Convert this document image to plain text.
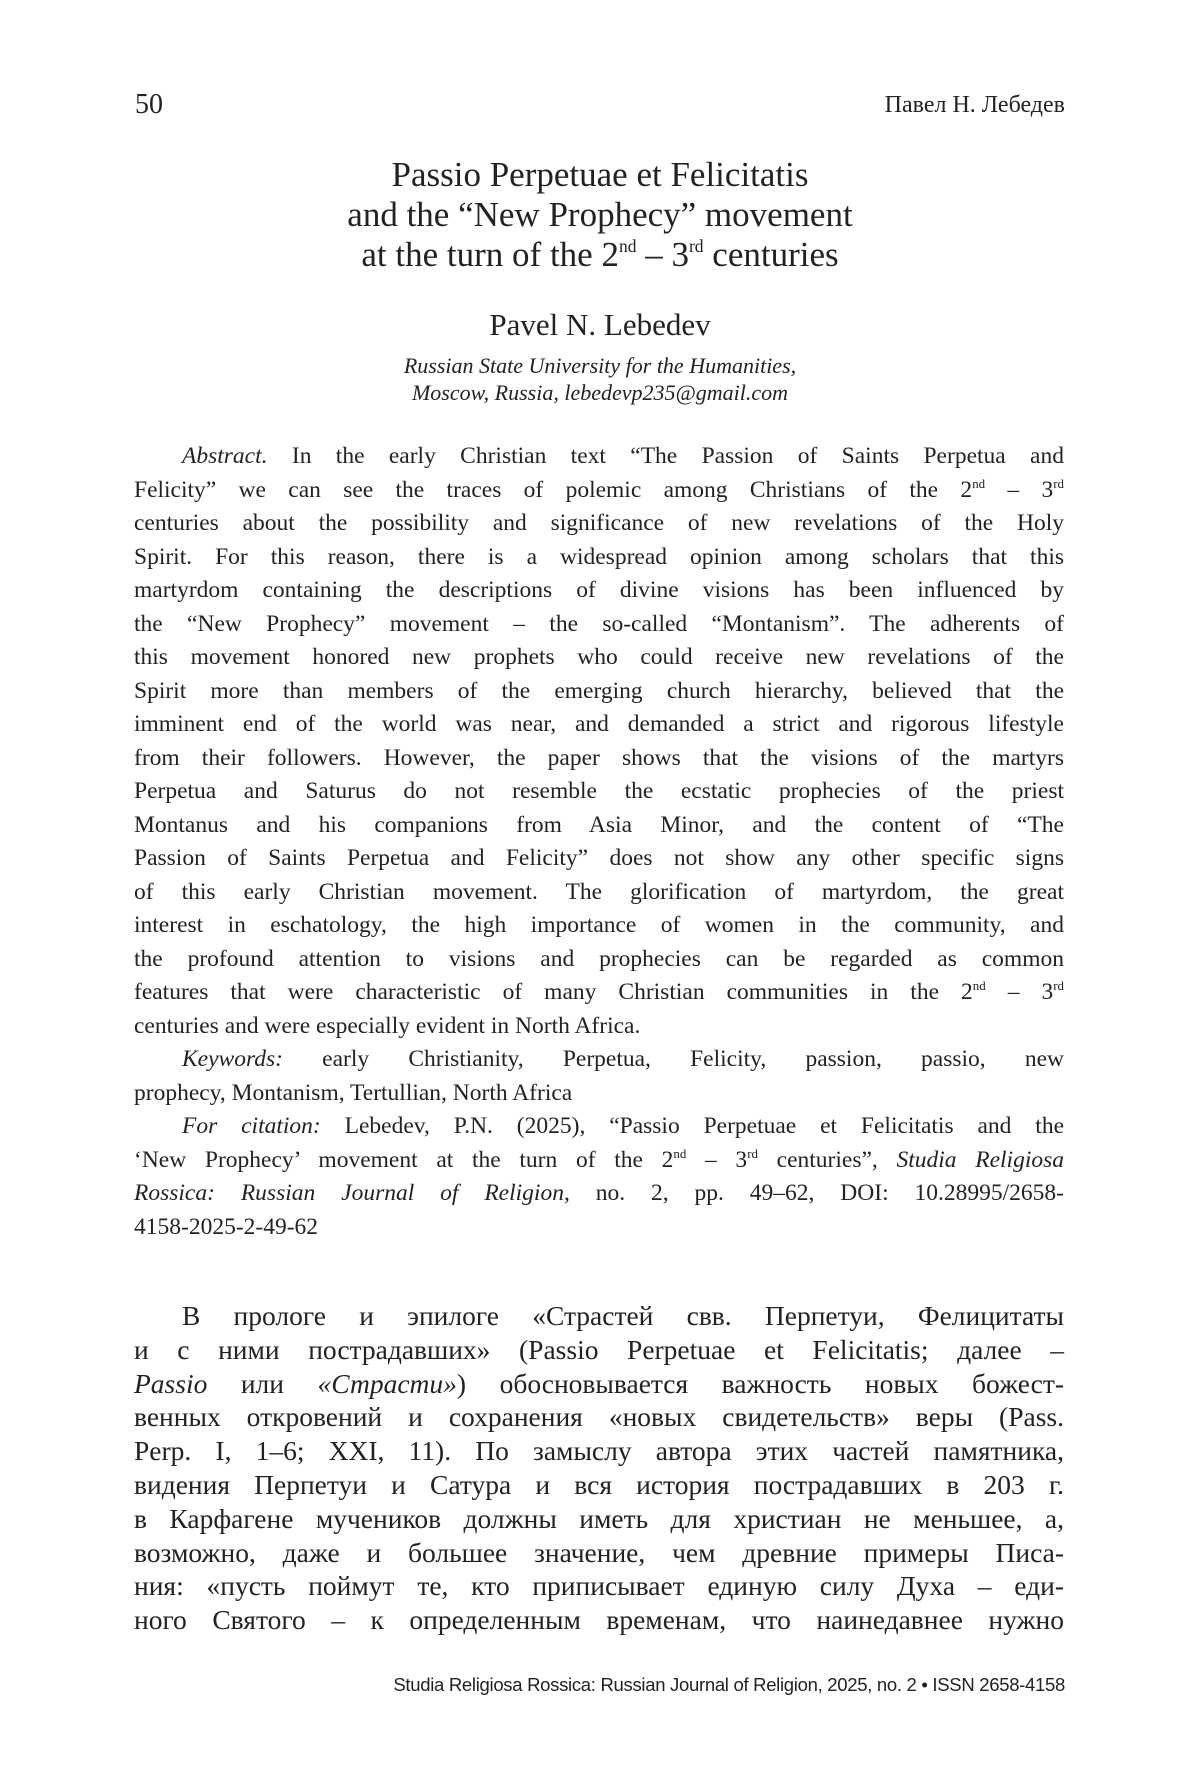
50	Павел Н. Лебедев
Passio Perpetuae et Felicitatis
and the “New Prophecy” movement
at the turn of the 2nd – 3rd centuries
Pavel N. Lebedev
Russian State University for the Humanities,
Moscow, Russia, lebedevp235@gmail.com
Abstract. In the early Christian text “The Passion of Saints Perpetua and
Felicity” we can see the traces of polemic among Christians of the 2nd – 3rd
centuries about the possibility and significance of new revelations of the Holy
Spirit. For this reason, there is a widespread opinion among scholars that this
martyrdom containing the descriptions of divine visions has been influenced by
the “New Prophecy” movement – the so-called “Montanism”. The adherents of
this movement honored new prophets who could receive new revelations of the
Spirit more than members of the emerging church hierarchy, believed that the
imminent end of the world was near, and demanded a strict and rigorous lifestyle
from their followers. However, the paper shows that the visions of the martyrs
Perpetua and Saturus do not resemble the ecstatic prophecies of the priest
Montanus and his companions from Asia Minor, and the content of “The
Passion of Saints Perpetua and Felicity” does not show any other specific signs
of this early Christian movement. The glorification of martyrdom, the great
interest in eschatology, the high importance of women in the community, and
the profound attention to visions and prophecies can be regarded as common
features that were characteristic of many Christian communities in the 2nd – 3rd
centuries and were especially evident in North Africa.
Keywords: early Christianity, Perpetua, Felicity, passion, passio, new
prophecy, Montanism, Tertullian, North Africa
For citation: Lebedev, P.N. (2025), “Passio Perpetuae et Felicitatis and the
‘New Prophecy’ movement at the turn of the 2nd – 3rd centuries”, Studia Religiosa
Rossica: Russian Journal of Religion, no. 2, pp. 49–62, DOI: 10.28995/2658-
4158-2025-2-49-62
В прологе и эпилоге «Страстей свв. Перпетуи, Фелицитаты
и с ними пострадавших» (Passio Perpetuae et Felicitatis; далее –
Passio или «Страсти») обосновывается важность новых божест-
венных откровений и сохранения «новых свидетельств» веры (Pass.
Perp. I, 1–6; XXI, 11). По замыслу автора этих частей памятника,
видения Перпетуи и Сатура и вся история пострадавших в 203 г.
в Карфагене мучеников должны иметь для христиан не меньшее, а,
возможно, даже и большее значение, чем древние примеры Писа-
ния: «пусть поймут те, кто приписывает единую силу Духа – еди-
ного Святого – к определенным временам, что наинедавнее нужно
Studia Religiosa Rossica: Russian Journal of Religion, 2025, no. 2 • ISSN 2658-4158
